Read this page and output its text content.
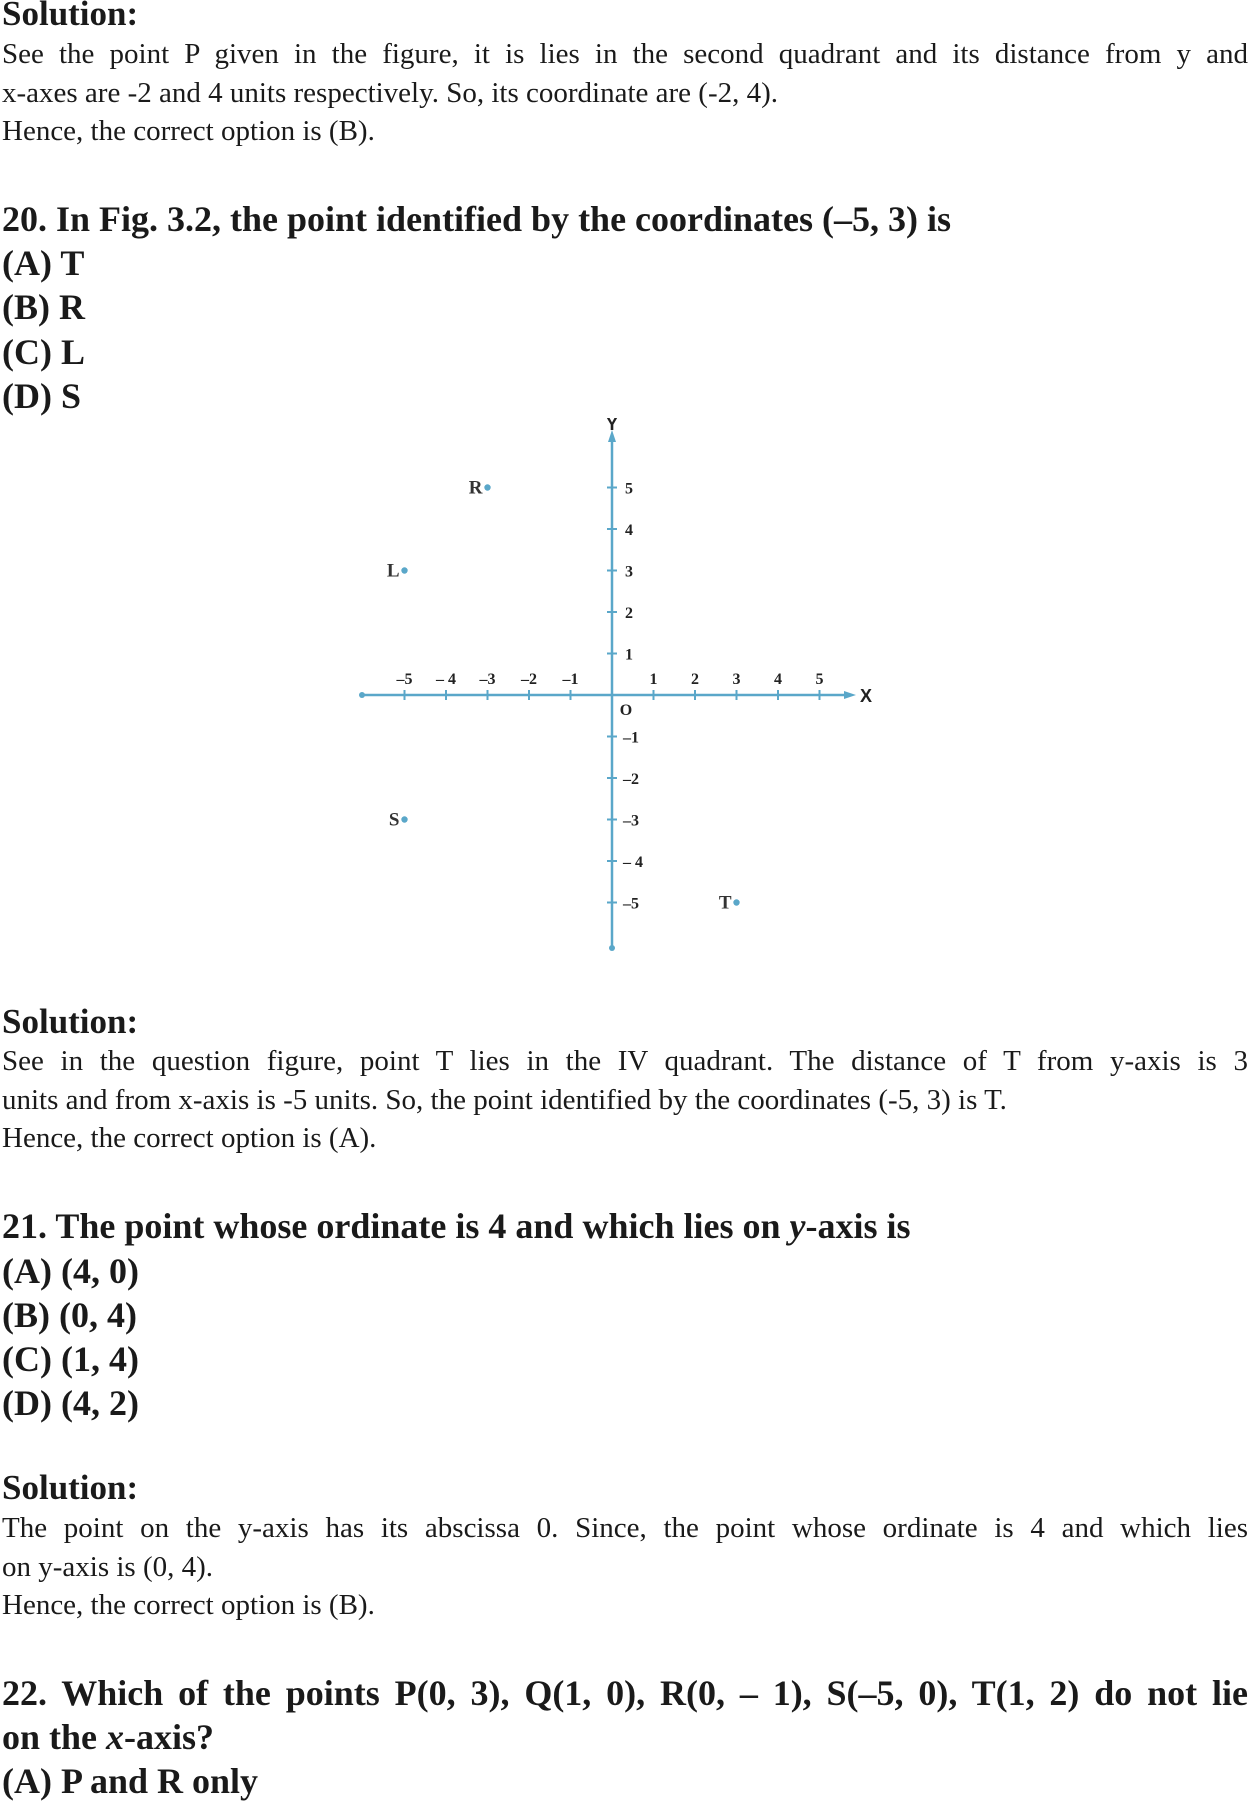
Solution:
See the point P given in the figure, it is lies in the second quadrant and its distance from y and
x-axes are -2 and 4 units respectively. So, its coordinate are (-2, 4).
Hence, the correct option is (B).
20. In Fig. 3.2, the point identified by the coordinates (–5, 3) is
(A) T
(B) R
(C) L
(D) S
X
Y
O
–5 – 4 –3 –2 –1	1 2 3 4 5
1
2
3
4
5
–1
–2
–3
– 4
–5
R
L
S
T
Solution:
See in the question figure, point T lies in the IV quadrant. The distance of T from y-axis is 3
units and from x-axis is -5 units. So, the point identified by the coordinates (-5, 3) is T.
Hence, the correct option is (A).
21. The point whose ordinate is 4 and which lies on y-axis is
(A) (4, 0)
(B) (0, 4)
(C) (1, 4)
(D) (4, 2)
Solution:
The point on the y-axis has its abscissa 0. Since, the point whose ordinate is 4 and which lies
on y-axis is (0, 4).
Hence, the correct option is (B).
22. Which of the points P(0, 3), Q(1, 0), R(0, – 1), S(–5, 0), T(1, 2) do not lie
on the x-axis?
(A) P and R only
